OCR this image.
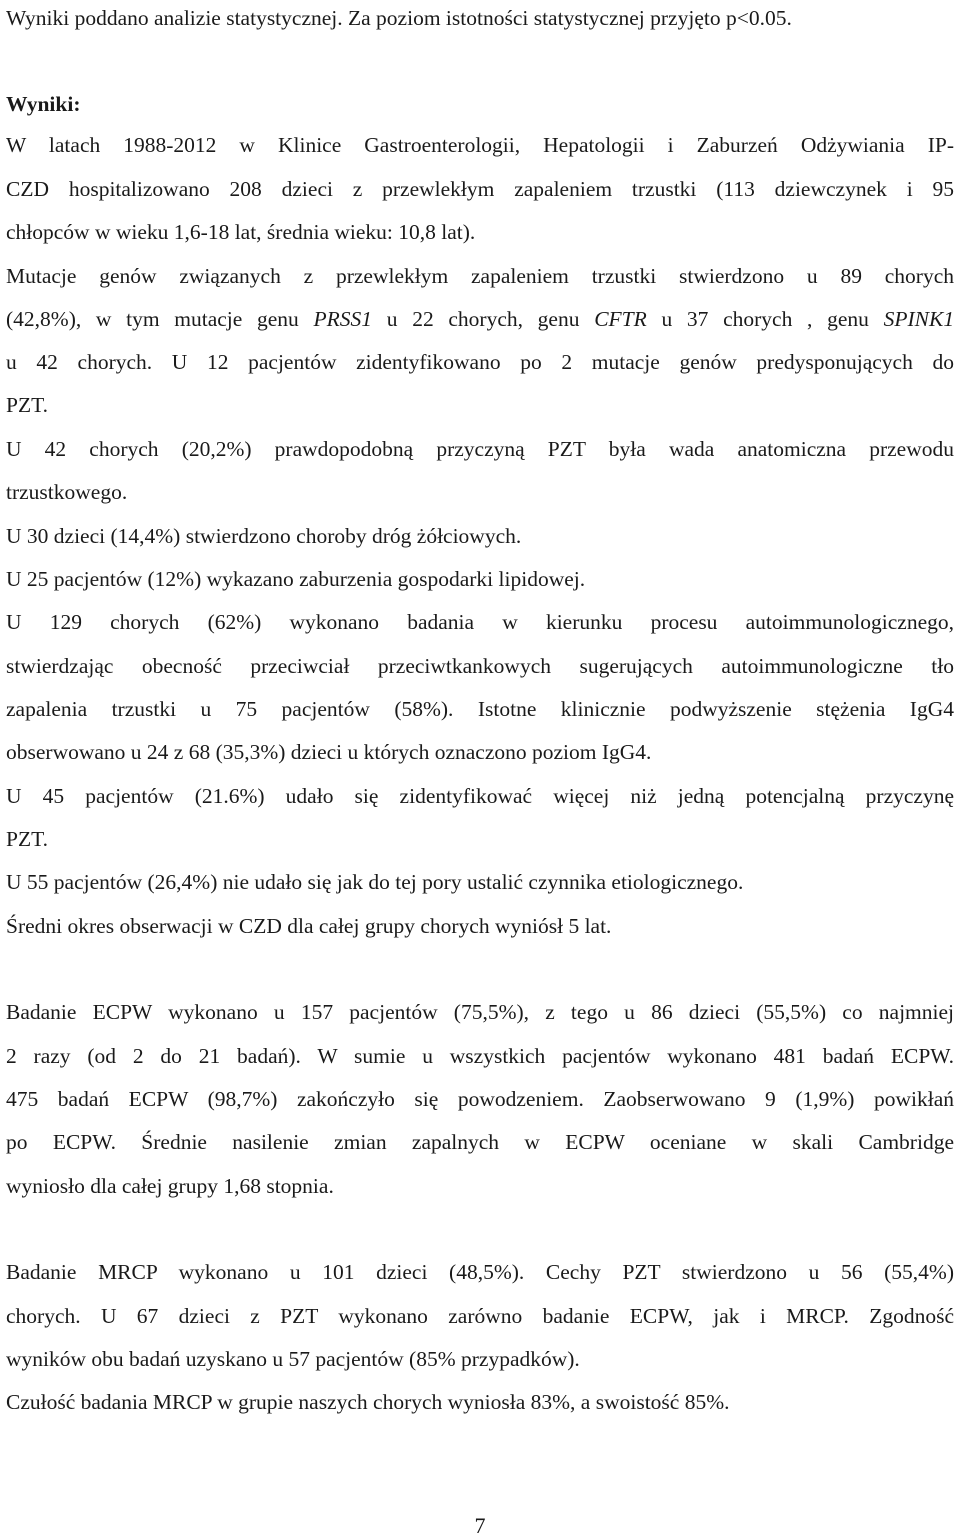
Wyniki poddano analizie statystycznej. Za poziom istotności statystycznej przyjęto p<0.05.
Wyniki:
W latach 1988-2012 w Klinice Gastroenterologii, Hepatologii i Zaburzeń Odżywiania IP-
CZD hospitalizowano 208 dzieci z przewlekłym zapaleniem trzustki (113 dziewczynek i 95
chłopców w wieku 1,6-18 lat, średnia wieku: 10,8 lat).
Mutacje genów związanych z przewlekłym zapaleniem trzustki stwierdzono u 89 chorych
(42,8%), w tym mutacje genu PRSS1 u 22 chorych, genu CFTR u 37 chorych , genu SPINK1
u 42 chorych. U 12 pacjentów zidentyfikowano po 2 mutacje genów predysponujących do
PZT.
U 42 chorych (20,2%) prawdopodobną przyczyną PZT była wada anatomiczna przewodu
trzustkowego.
U 30 dzieci (14,4%) stwierdzono choroby dróg żółciowych.
U 25 pacjentów (12%) wykazano zaburzenia gospodarki lipidowej.
U 129 chorych (62%) wykonano badania w kierunku procesu autoimmunologicznego,
stwierdzając obecność przeciwciał przeciwtkankowych sugerujących autoimmunologiczne tło
zapalenia trzustki u 75 pacjentów (58%). Istotne klinicznie podwyższenie stężenia IgG4
obserwowano u 24 z 68 (35,3%) dzieci u których oznaczono poziom IgG4.
U 45 pacjentów (21.6%) udało się zidentyfikować więcej niż jedną potencjalną przyczynę
PZT.
U 55 pacjentów (26,4%) nie udało się jak do tej pory ustalić czynnika etiologicznego.
Średni okres obserwacji w CZD dla całej grupy chorych wyniósł 5 lat.
Badanie ECPW wykonano u 157 pacjentów (75,5%), z tego u 86 dzieci (55,5%) co najmniej
2 razy (od 2 do 21 badań). W sumie u wszystkich pacjentów wykonano 481 badań ECPW.
475 badań ECPW (98,7%) zakończyło się powodzeniem. Zaobserwowano 9 (1,9%) powikłań
po ECPW. Średnie nasilenie zmian zapalnych w ECPW oceniane w skali Cambridge
wyniosło dla całej grupy 1,68 stopnia.
Badanie MRCP wykonano u 101 dzieci (48,5%). Cechy PZT stwierdzono u 56 (55,4%)
chorych. U 67 dzieci z PZT wykonano zarówno badanie ECPW, jak i MRCP. Zgodność
wyników obu badań uzyskano u 57 pacjentów (85% przypadków).
Czułość badania MRCP w grupie naszych chorych wyniosła 83%, a swoistość 85%.
7
